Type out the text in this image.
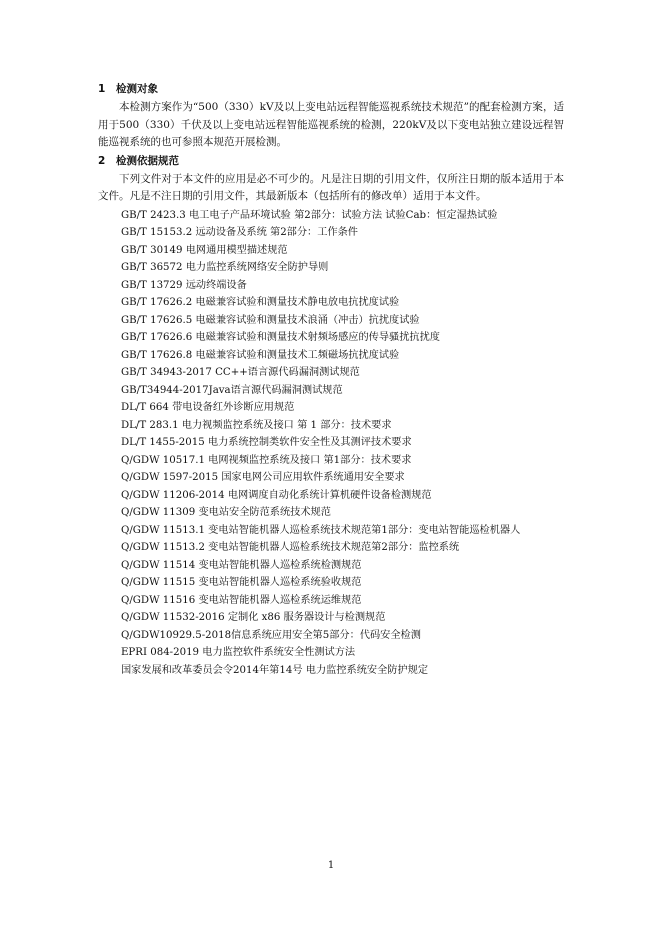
1 检测对象
本检测方案作为“500（330）kV及以上变电站远程智能巡视系统技术规范”的配套检测方案，适用于500（330）千伏及以上变电站远程智能巡视系统的检测，220kV及以下变电站独立建设远程智能巡视系统的也可参照本规范开展检测。
2 检测依据规范
下列文件对于本文件的应用是必不可少的。凡是注日期的引用文件，仅所注日期的版本适用于本文件。凡是不注日期的引用文件，其最新版本（包括所有的修改单）适用于本文件。
GB/T 2423.3 电工电子产品环境试验 第2部分：试验方法 试验Cab：恒定湿热试验
GB/T 15153.2 远动设备及系统 第2部分：工作条件
GB/T 30149 电网通用模型描述规范
GB/T 36572 电力监控系统网络安全防护导则
GB/T 13729 远动终端设备
GB/T 17626.2 电磁兼容试验和测量技术静电放电抗扰度试验
GB/T 17626.5 电磁兼容试验和测量技术浪涌（冲击）抗扰度试验
GB/T 17626.6 电磁兼容试验和测量技术射频场感应的传导骚扰抗扰度
GB/T 17626.8 电磁兼容试验和测量技术工频磁场抗扰度试验
GB/T 34943-2017 CC++语言源代码漏洞测试规范
GB/T34944-2017Java语言源代码漏洞测试规范
DL/T 664 带电设备红外诊断应用规范
DL/T 283.1 电力视频监控系统及接口 第 1 部分：技术要求
DL/T 1455-2015 电力系统控制类软件安全性及其测评技术要求
Q/GDW 10517.1 电网视频监控系统及接口 第1部分：技术要求
Q/GDW 1597-2015 国家电网公司应用软件系统通用安全要求
Q/GDW 11206-2014 电网调度自动化系统计算机硬件设备检测规范
Q/GDW 11309 变电站安全防范系统技术规范
Q/GDW 11513.1 变电站智能机器人巡检系统技术规范第1部分：变电站智能巡检机器人
Q/GDW 11513.2 变电站智能机器人巡检系统技术规范第2部分：监控系统
Q/GDW 11514 变电站智能机器人巡检系统检测规范
Q/GDW 11515 变电站智能机器人巡检系统验收规范
Q/GDW 11516 变电站智能机器人巡检系统运维规范
Q/GDW 11532-2016 定制化 x86 服务器设计与检测规范
Q/GDW10929.5-2018信息系统应用安全第5部分：代码安全检测
EPRI 084-2019 电力监控软件系统安全性测试方法
国家发展和改革委员会令2014年第14号 电力监控系统安全防护规定
1
